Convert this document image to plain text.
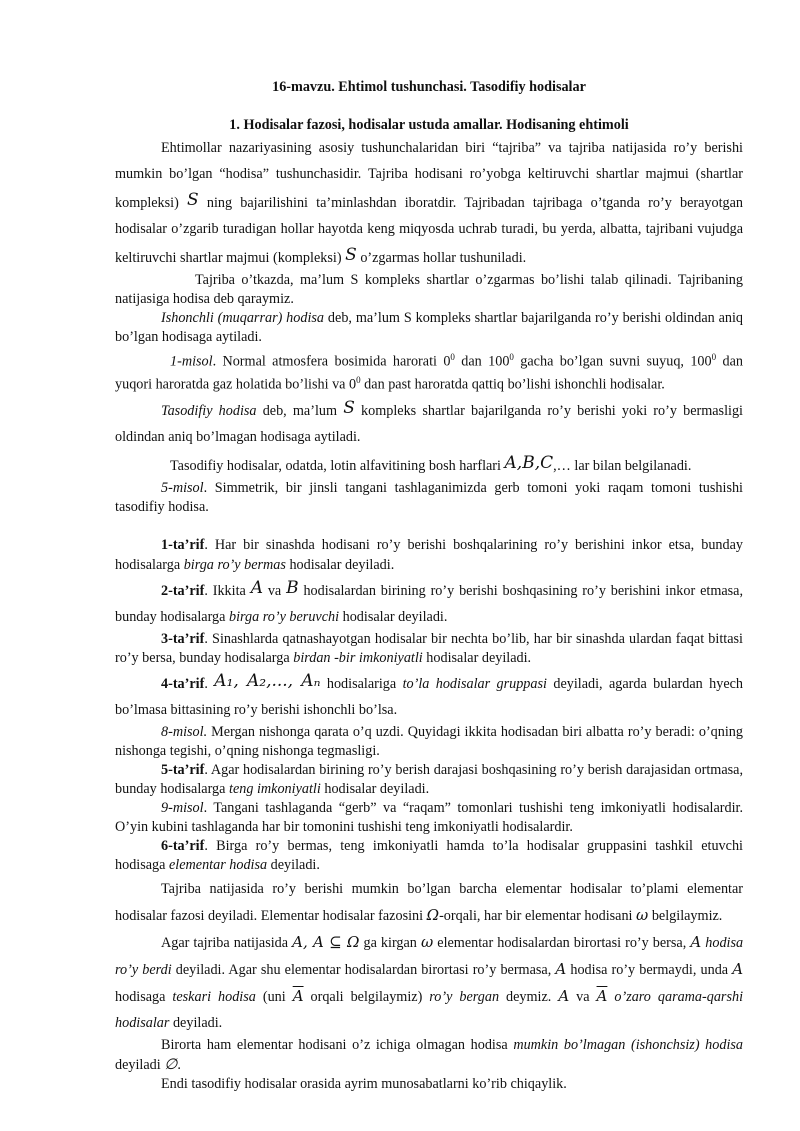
16-mavzu. Ehtimol tushunchasi. Tasodifiy hodisalar
1. Hodisalar fazosi, hodisalar ustuda amallar. Hodisaning ehtimoli

Ehtimollar nazariyasining asosiy tushunchalaridan biri “tajriba” va tajriba natijasida ro’y berishi mumkin bo’lgan “hodisa” tushunchasidir. Tajriba hodisani ro’yobga keltiruvchi shartlar majmui (shartlar kompleksi) S ning bajarilishini ta’minlashdan iboratdir. Tajribadan tajribaga o’tganda ro’y berayotgan hodisalar o’zgarib turadigan hollar hayotda keng miqyosda uchrab turadi, bu yerda, albatta, tajribani vujudga keltiruvchi shartlar majmui (kompleksi) S o’zgarmas hollar tushuniladi.

Tajriba o’tkazda, ma’lum S kompleks shartlar o’zgarmas bo’lishi talab qilinadi. Tajribaning natijasiga hodisa deb qaraymiz.

Ishonchli (muqarrar) hodisa deb, ma’lum S kompleks shartlar bajarilganda ro’y berishi oldindan aniq bo’lgan hodisaga aytiladi.

1-misol. Normal atmosfera bosimida harorati $0^0$ dan $100^0$ gacha bo’lgan suvni suyuq, $100^0$ dan yuqori haroratda gaz holatida bo’lishi va $0^0$ dan past haroratda qattiq bo’lishi ishonchli hodisalar.

Tasodifiy hodisa deb, ma’lum S kompleks shartlar bajarilganda ro’y berishi yoki ro’y bermasligi oldindan aniq bo’lmagan hodisaga aytiladi.

Tasodifiy hodisalar, odatda, lotin alfavitining bosh harflari A,B,C,… lar bilan belgilanadi.

5-misol. Simmetrik, bir jinsli tangani tashlaganimizda gerb tomoni yoki raqam tomoni tushishi tasodifiy hodisa.

1-ta’rif. Har bir sinashda hodisani ro’y berishi boshqalarining ro’y berishini inkor etsa, bunday hodisalarga birga ro’y bermas hodisalar deyiladi.

2-ta’rif. Ikkita A va B hodisalardan birining ro’y berishi boshqasining ro’y berishini inkor etmasa, bunday hodisalarga birga ro’y beruvchi hodisalar deyiladi.

3-ta’rif. Sinashlarda qatnashayotgan hodisalar bir nechta bo’lib, har bir sinashda ulardan faqat bittasi ro’y bersa, bunday hodisalarga birdan -bir imkoniyatli hodisalar deyiladi.

4-ta’rif. A₁, A₂,..., Aₙ hodisalariga to’la hodisalar gruppasi deyiladi, agarda bulardan hyech bo’lmasa bittasining ro’y berishi ishonchli bo’lsa.

8-misol. Mergan nishonga qarata o’q uzdi. Quyidagi ikkita hodisadan biri albatta ro’y beradi: o’qning nishonga tegishi, o’qning nishonga tegmasligi.

5-ta’rif. Agar hodisalardan birining ro’y berish darajasi boshqasining ro’y berish darajasidan ortmasa, bunday hodisalarga teng imkoniyatli hodisalar deyiladi.

9-misol. Tangani tashlaganda “gerb” va “raqam” tomonlari tushishi teng imkoniyatli hodisalardir. O’yin kubini tashlaganda har bir tomonini tushishi teng imkoniyatli hodisalardir.

6-ta’rif. Birga ro’y bermas, teng imkoniyatli hamda to’la hodisalar gruppasini tashkil etuvchi hodisaga elementar hodisa deyiladi.

Tajriba natijasida ro’y berishi mumkin bo’lgan barcha elementar hodisalar to’plami elementar hodisalar fazosi deyiladi. Elementar hodisalar fazosini Ω-orqali, har bir elementar hodisani ω belgilaymiz.

Agar tajriba natijasida A, A ⊆ Ω ga kirgan ω elementar hodisalardan birortasi ro’y bersa, A hodisa ro’y berdi deyiladi. Agar shu elementar hodisalardan birortasi ro’y bermasa, A hodisa ro’y bermaydi, unda A hodisaga teskari hodisa (uni $\overline{A}$ orqali belgilaymiz) ro’y bergan deymiz. A va $\overline{A}$ o’zaro qarama-qarshi hodisalar deyiladi.

Birorta ham elementar hodisani o’z ichiga olmagan hodisa mumkin bo’lmagan (ishonchsiz) hodisa deyiladi ∅.

Endi tasodifiy hodisalar orasida ayrim munosabatlarni ko’rib chiqaylik.
